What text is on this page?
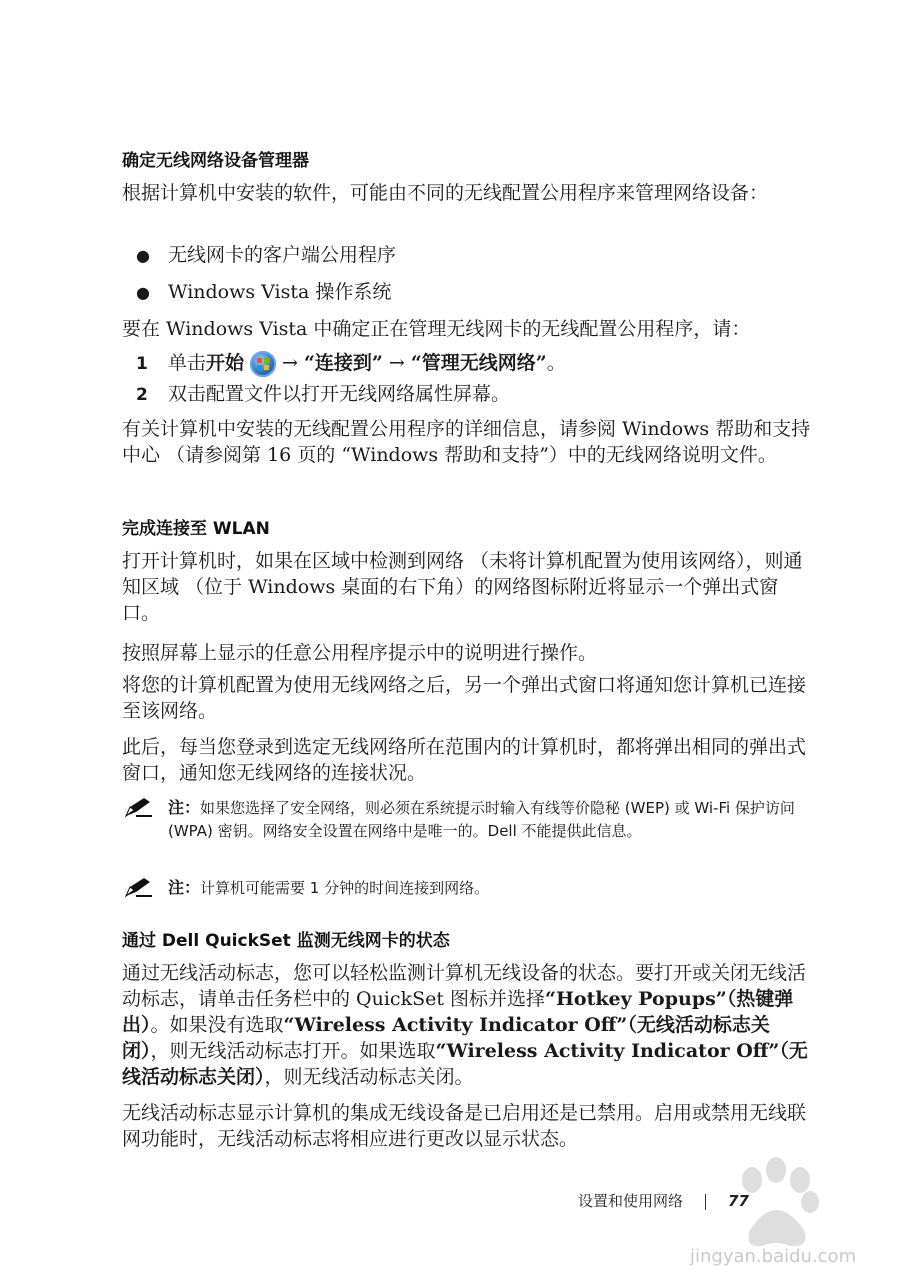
确定无线网络设备管理器

根据计算机中安装的软件，可能由不同的无线配置公用程序来管理网络设备：

● 无线网卡的客户端公用程序
● Windows Vista 操作系统

要在 Windows Vista 中确定正在管理无线网卡的无线配置公用程序，请：

1 单击开始 → “连接到” → “管理无线网络”。
2 双击配置文件以打开无线网络属性屏幕。

有关计算机中安装的无线配置公用程序的详细信息，请参阅 Windows 帮助和支持中心 （请参阅第 16 页的 “Windows 帮助和支持”）中的无线网络说明文件。

完成连接至 WLAN

打开计算机时，如果在区域中检测到网络 （未将计算机配置为使用该网络），则通知区域 （位于 Windows 桌面的右下角）的网络图标附近将显示一个弹出式窗口。

按照屏幕上显示的任意公用程序提示中的说明进行操作。

将您的计算机配置为使用无线网络之后，另一个弹出式窗口将通知您计算机已连接至该网络。

此后，每当您登录到选定无线网络所在范围内的计算机时，都将弹出相同的弹出式窗口，通知您无线网络的连接状况。

注：如果您选择了安全网络，则必须在系统提示时输入有线等价隐秘 (WEP) 或 Wi-Fi 保护访问 (WPA) 密钥。网络安全设置在网络中是唯一的。Dell 不能提供此信息。
注：计算机可能需要 1 分钟的时间连接到网络。
通过 Dell QuickSet 监测无线网卡的状态

通过无线活动标志，您可以轻松监测计算机无线设备的状态。要打开或关闭无线活动标志，请单击任务栏中的 QuickSet 图标并选择“Hotkey Popups”（热键弹出）。如果没有选取“Wireless Activity Indicator Off”（无线活动标志关闭），则无线活动标志打开。如果选取“Wireless Activity Indicator Off”（无线活动标志关闭），则无线活动标志关闭。

无线活动标志显示计算机的集成无线设备是已启用还是已禁用。启用或禁用无线联网功能时，无线活动标志将相应进行更改以显示状态。

jingyan.baidu.com
设置和使用网络	77
